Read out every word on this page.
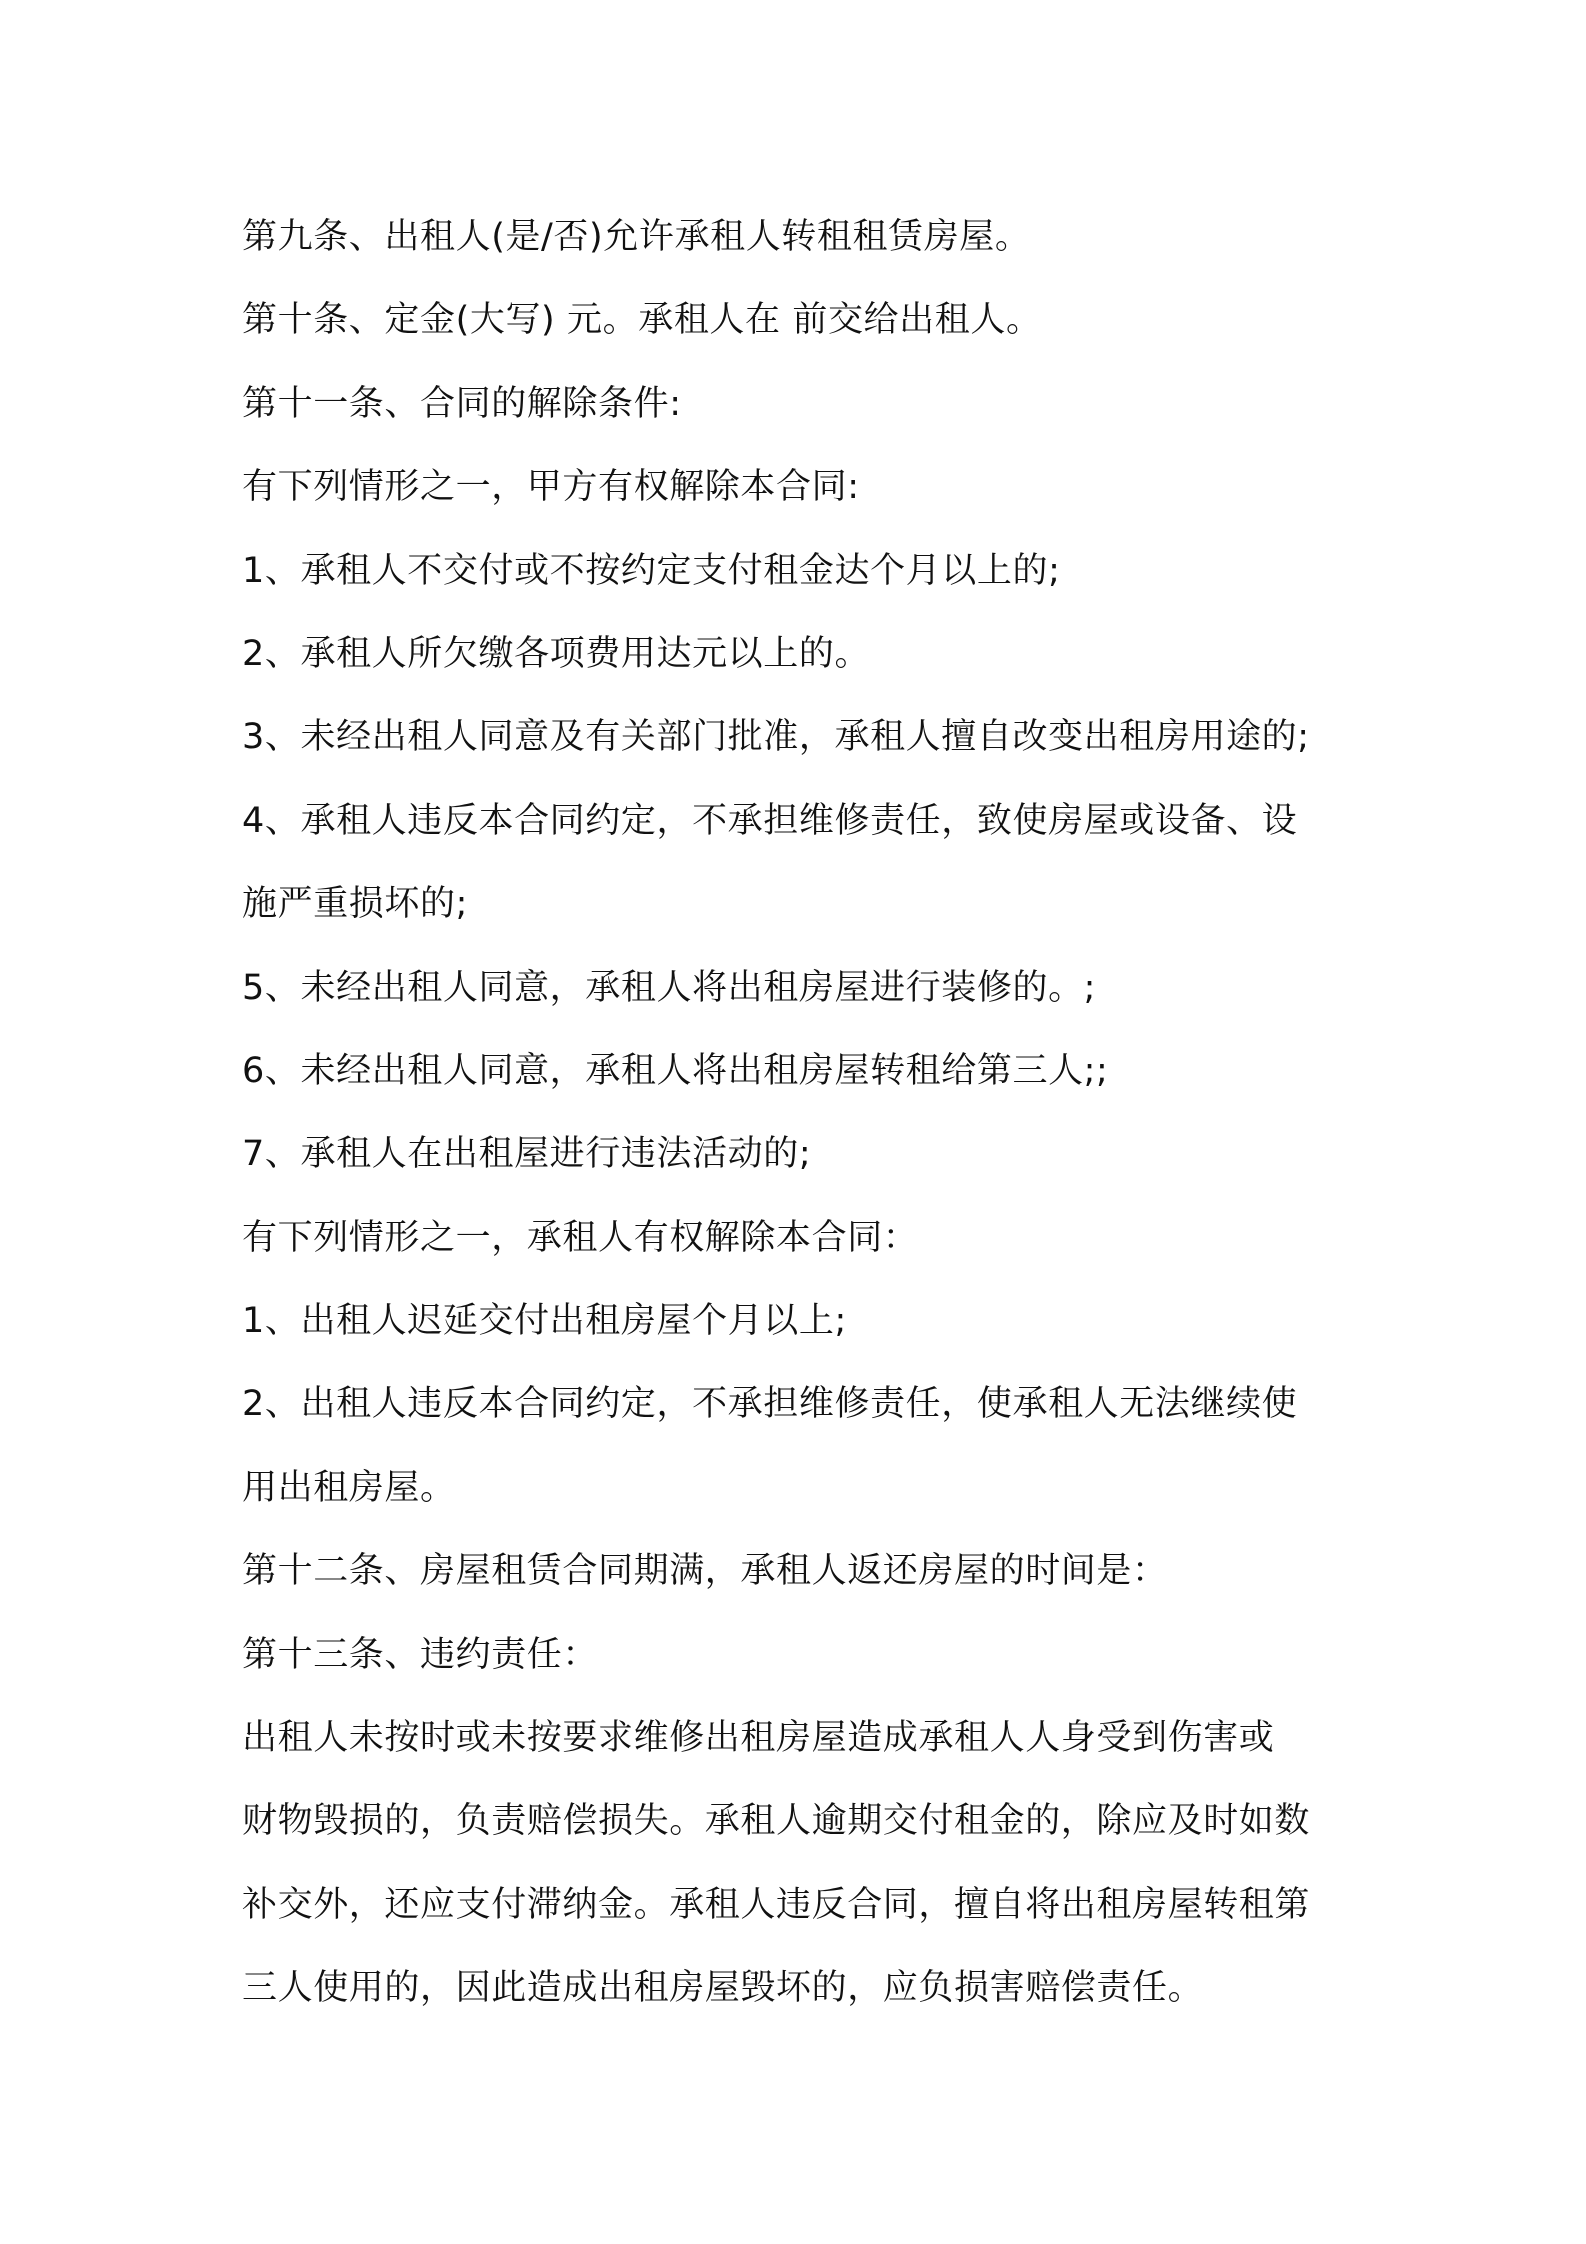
第九条、出租人(是/否)允许承租人转租租赁房屋。
第十条、定金(大写) 元。承租人在 前交给出租人。
第十一条、合同的解除条件:
有下列情形之一，甲方有权解除本合同:
1、承租人不交付或不按约定支付租金达个月以上的;
2、承租人所欠缴各项费用达元以上的。
3、未经出租人同意及有关部门批准，承租人擅自改变出租房用途的;
4、承租人违反本合同约定，不承担维修责任，致使房屋或设备、设
施严重损坏的;
5、未经出租人同意，承租人将出租房屋进行装修的。;
6、未经出租人同意，承租人将出租房屋转租给第三人;;
7、承租人在出租屋进行违法活动的;
有下列情形之一，承租人有权解除本合同：
1、出租人迟延交付出租房屋个月以上;
2、出租人违反本合同约定，不承担维修责任，使承租人无法继续使
用出租房屋。
第十二条、房屋租赁合同期满，承租人返还房屋的时间是：
第十三条、违约责任：
出租人未按时或未按要求维修出租房屋造成承租人人身受到伤害或
财物毁损的，负责赔偿损失。承租人逾期交付租金的，除应及时如数
补交外，还应支付滞纳金。承租人违反合同，擅自将出租房屋转租第
三人使用的，因此造成出租房屋毁坏的，应负损害赔偿责任。
